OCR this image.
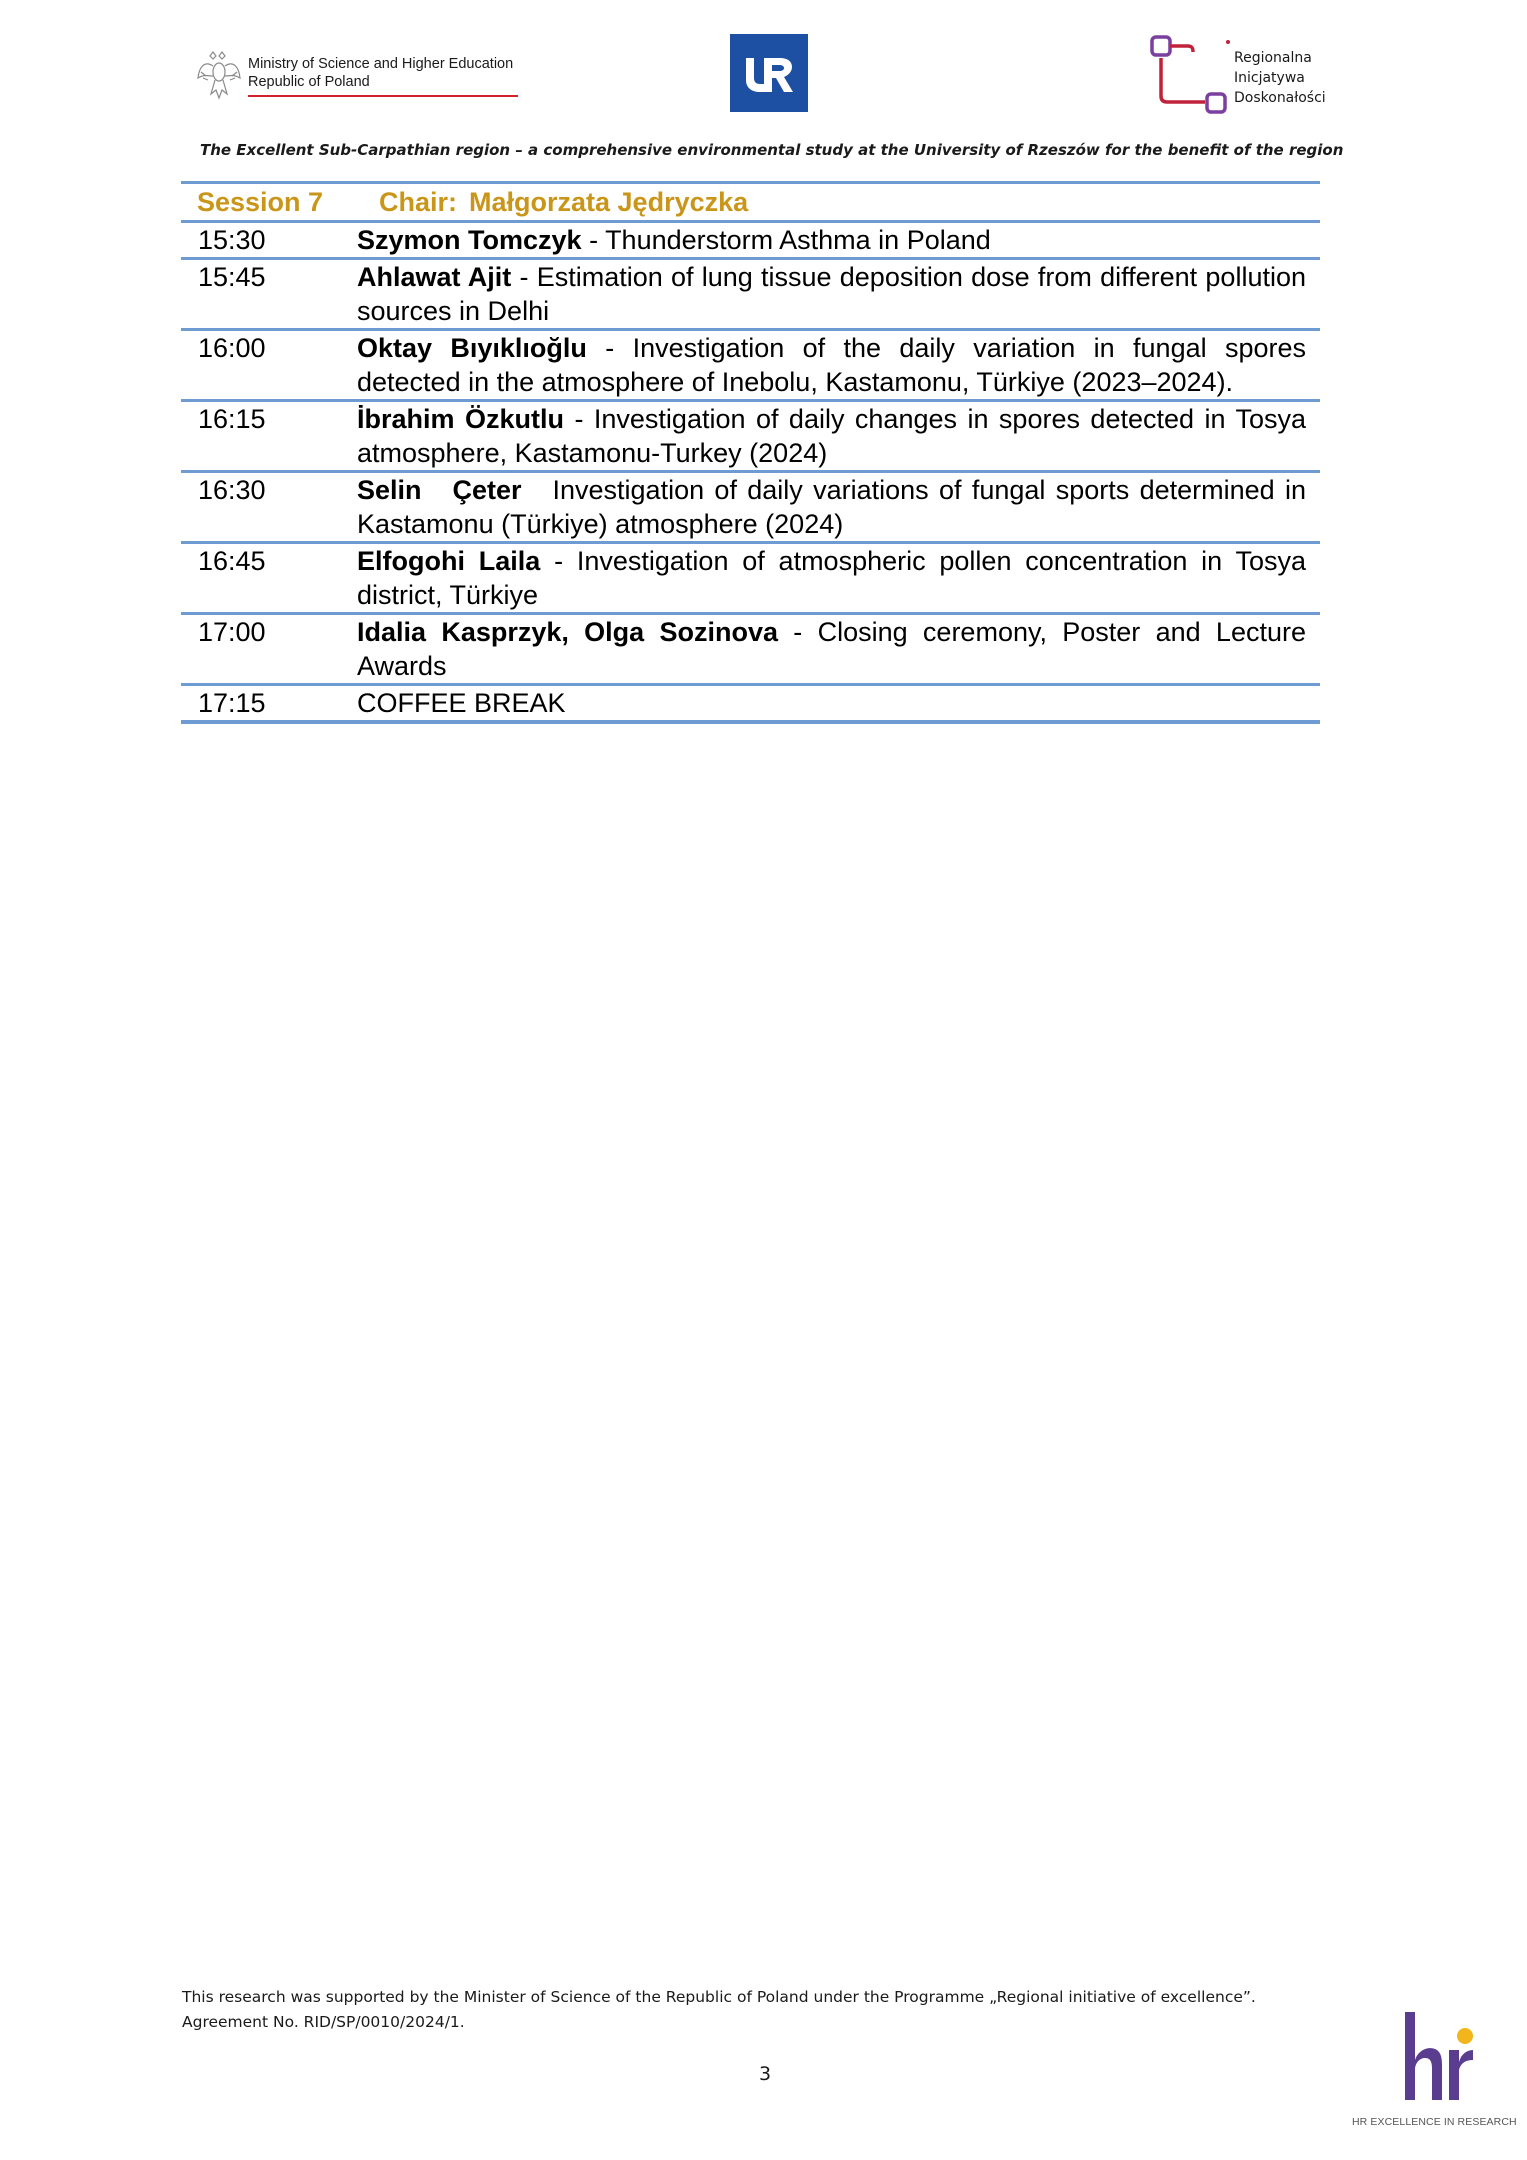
Ministry of Science and Higher Education
Republic of Poland
Regionalna
Inicjatywa
Doskonałości
The Excellent Sub-Carpathian region – a comprehensive environmental study at the University of Rzeszów for the benefit of the region
Session 7	Chair: Małgorzata Jędryczka
15:30	Szymon Tomczyk - Thunderstorm Asthma in Poland
15:45	Ahlawat Ajit - Estimation of lung tissue deposition dose from different pollution sources in Delhi
16:00	Oktay Bıyıklıoğlu - Investigation of the daily variation in fungal spores detected in the atmosphere of Inebolu, Kastamonu, Türkiye (2023–2024).
16:15	İbrahim Özkutlu - Investigation of daily changes in spores detected in Tosya atmosphere, Kastamonu-Turkey (2024)
16:30	Selin   Çeter   Investigation of daily variations of fungal sports determined in Kastamonu (Türkiye) atmosphere (2024)
16:45	Elfogohi Laila - Investigation of atmospheric pollen concentration in Tosya district, Türkiye
17:00	Idalia Kasprzyk, Olga Sozinova - Closing ceremony, Poster and Lecture Awards
17:15	COFFEE BREAK
This research was supported by the Minister of Science of the Republic of Poland under the Programme „Regional initiative of excellence”.
Agreement No. RID/SP/0010/2024/1.
3
HR EXCELLENCE IN RESEARCH
